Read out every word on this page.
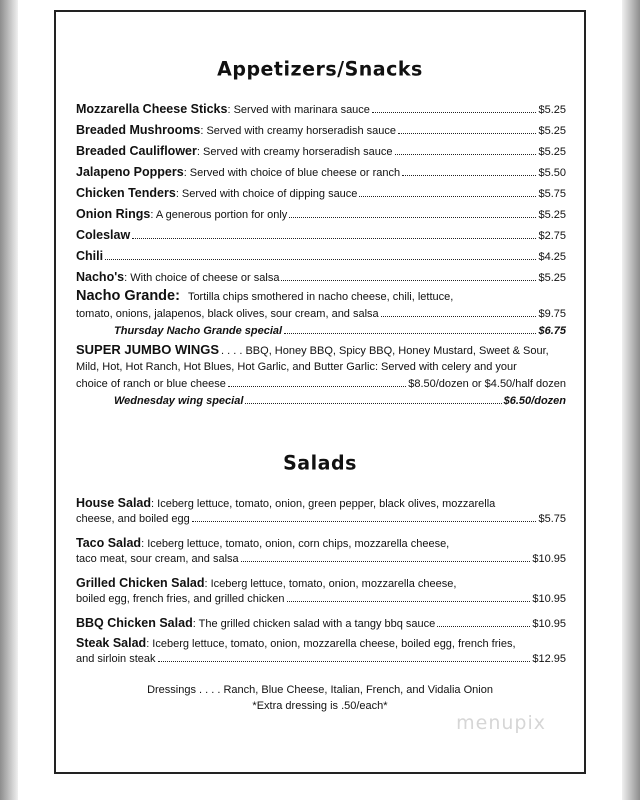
Appetizers/Snacks
Mozzarella Cheese Sticks : Served with marinara sauce	$5.25
Breaded Mushrooms : Served with creamy horseradish sauce	$5.25
Breaded Cauliflower : Served with creamy horseradish sauce	$5.25
Jalapeno Poppers : Served with choice of blue cheese or ranch	$5.50
Chicken Tenders : Served with choice of dipping sauce	$5.75
Onion Rings : A generous portion for only	$5.25
Coleslaw	$2.75
Chili	$4.25
Nacho's : With choice of cheese or salsa	$5.25
Nacho Grande: Tortilla chips smothered in nacho cheese, chili, lettuce,
tomato, onions, jalapenos, black olives, sour cream, and salsa	$9.75
Thursday Nacho Grande special	$6.75
SUPER JUMBO WINGS . . . . BBQ, Honey BBQ, Spicy BBQ, Honey Mustard, Sweet & Sour,
Mild, Hot, Hot Ranch, Hot Blues, Hot Garlic, and Butter Garlic: Served with celery and your
choice of ranch or blue cheese	$8.50/dozen or $4.50/half dozen
Wednesday wing special	$6.50/dozen
Salads
House Salad : Iceberg lettuce, tomato, onion, green pepper, black olives, mozzarella
cheese, and boiled egg	$5.75
Taco Salad : Iceberg lettuce, tomato, onion, corn chips, mozzarella cheese,
taco meat, sour cream, and salsa	$10.95
Grilled Chicken Salad : Iceberg lettuce, tomato, onion, mozzarella cheese,
boiled egg, french fries, and grilled chicken	$10.95
BBQ Chicken Salad : The grilled chicken salad with a tangy bbq sauce	$10.95
Steak Salad : Iceberg lettuce, tomato, onion, mozzarella cheese, boiled egg, french fries,
and sirloin steak	$12.95
Dressings . . . . Ranch, Blue Cheese, Italian, French, and Vidalia Onion
*Extra dressing is .50/each*
menupix
